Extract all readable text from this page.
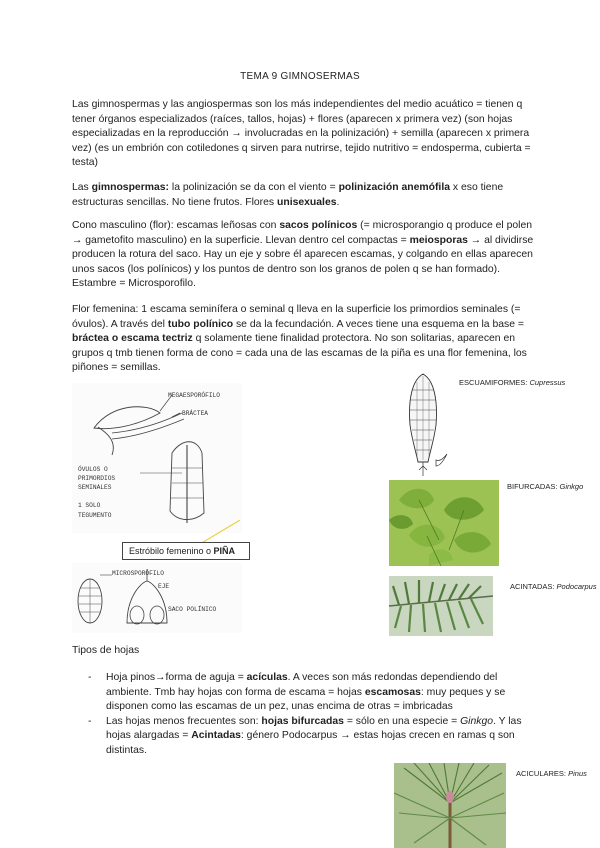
TEMA 9 GIMNOSERMAS

Las gimnospermas y las angiospermas son los más independientes del medio acuático = tienen q tener órganos especializados (raíces, tallos, hojas) + flores (aparecen x primera vez) (son hojas especializadas en la reproducción → involucradas en la polinización) + semilla (aparecen x primera vez) (es un embrión con cotiledones q sirven para nutrirse, tejido nutritivo = endosperma, cubierta = testa)

Las gimnospermas: la polinización se da con el viento = polinización anemófila x eso tiene estructuras sencillas. No tiene frutos. Flores unisexuales.

Cono masculino (flor): escamas leñosas con sacos polínicos (= microsporangio q produce el polen → gametofito masculino) en la superficie. Llevan dentro cel compactas = meiosporas → al dividirse producen la rotura del saco. Hay un eje y sobre él aparecen escamas, y colgando en ellas aparecen unos sacos (los polínicos) y los puntos de dentro son los granos de polen q se han formado). Estambre = Microsporofilo.

Flor femenina: 1 escama seminífera o seminal q lleva en la superficie los primordios seminales (= óvulos). A través del tubo polínico se da la fecundación. A veces tiene una esquema en la base = bráctea o escama tectriz q solamente tiene finalidad protectora. No son solitarias, aparecen en grupos q tmb tienen forma de cono = cada una de las escamas de la piña es una flor femenina, los piñones = semillas.

MEGAESPORÓFILO
BRÁCTEA
ÓVULOS O
PRIMORDIOS
SEMINALES
1 SOLO
TEGUMENTO
Estróbilo femenino o PIÑA
MICROSPORÓFILO
EJE
SACO POLÍNICO
ESCUAMIFORMES: Cupressus
BIFURCADAS: Ginkgo
ACINTADAS: Podocarpus
Tipos de hojas
- Hoja pinos→forma de aguja = acículas. A veces son más redondas dependiendo del ambiente. Tmb hay hojas con forma de escama = hojas escamosas: muy peques y se disponen como las escamas de un pez, unas encima de otras = imbricadas
- Las hojas menos frecuentes son: hojas bifurcadas = sólo en una especie = Ginkgo. Y las hojas alargadas = Acintadas: género Podocarpus → estas hojas crecen en ramas q son distintas.
ACICULARES: Pinus
